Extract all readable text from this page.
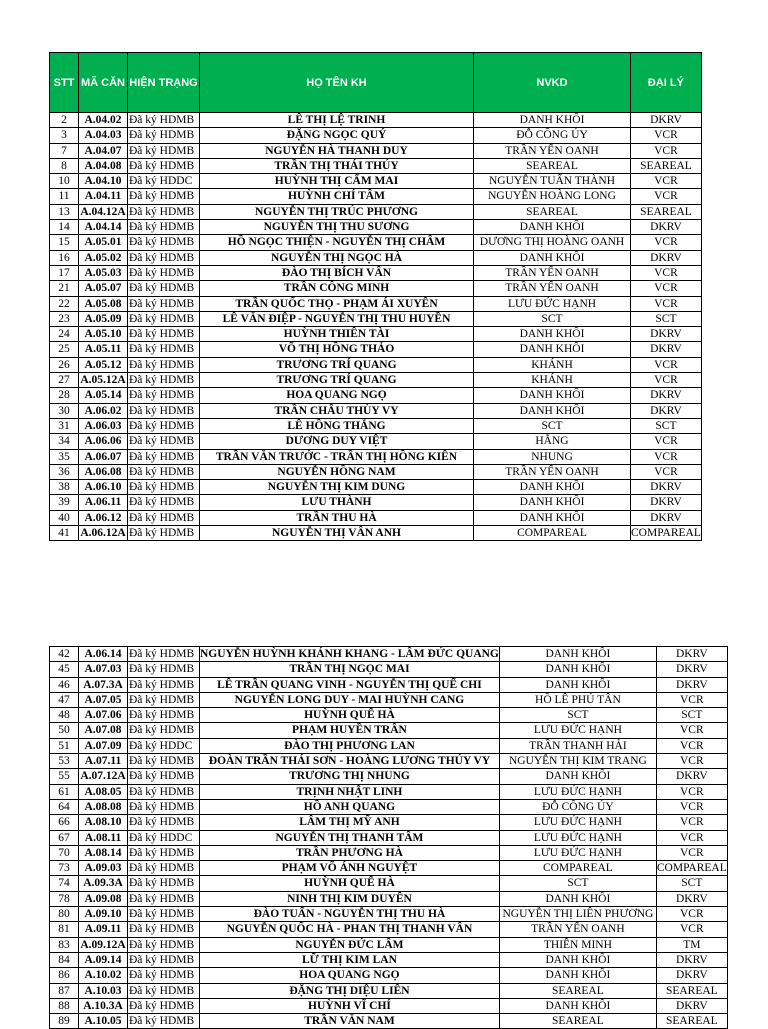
STT	MÃ CĂN	HIỆN TRẠNG	HỌ TÊN KH	NVKD	ĐẠI LÝ
2	A.04.02	Đã ký HDMB	LÊ THỊ LỆ TRINH	DANH KHÔI	DKRV
3	A.04.03	Đã ký HDMB	ĐẶNG NGỌC QUÝ	ĐỖ CÔNG ÚY	VCR
7	A.04.07	Đã ký HDMB	NGUYỄN HÀ THANH DUY	TRẦN YẾN OANH	VCR
8	A.04.08	Đã ký HDMB	TRẦN THỊ THÁI THÚY	SEAREAL	SEAREAL
10	A.04.10	Đã ký HDDC	HUỲNH THỊ CẨM MAI	NGUYỄN TUẤN THÀNH	VCR
11	A.04.11	Đã ký HDMB	HUỲNH CHÍ TÂM	NGUYỄN HOÀNG LONG	VCR
13	A.04.12A	Đã ký HDMB	NGUYỄN THỊ TRÚC PHƯƠNG	SEAREAL	SEAREAL
14	A.04.14	Đã ký HDMB	NGUYỄN THỊ THU SƯƠNG	DANH KHÔI	DKRV
15	A.05.01	Đã ký HDMB	HỒ NGỌC THIỆN - NGUYỄN THỊ CHÂM	DƯƠNG THỊ HOÀNG OANH	VCR
16	A.05.02	Đã ký HDMB	NGUYỄN THỊ NGỌC HÀ	DANH KHÔI	DKRV
17	A.05.03	Đã ký HDMB	ĐÀO THỊ BÍCH VÂN	TRẦN YẾN OANH	VCR
21	A.05.07	Đã ký HDMB	TRẦN CÔNG MINH	TRẦN YẾN OANH	VCR
22	A.05.08	Đã ký HDMB	TRẦN QUỐC THỌ - PHẠM ÁI XUYÊN	LƯU ĐỨC HẠNH	VCR
23	A.05.09	Đã ký HDMB	LÊ VĂN ĐIỆP - NGUYỄN THỊ THU HUYỀN	SCT	SCT
24	A.05.10	Đã ký HDMB	HUỲNH THIÊN TÀI	DANH KHÔI	DKRV
25	A.05.11	Đã ký HDMB	VÕ THỊ HỒNG THẢO	DANH KHÔI	DKRV
26	A.05.12	Đã ký HDMB	TRƯƠNG TRÍ QUANG	KHÁNH	VCR
27	A.05.12A	Đã ký HDMB	TRƯƠNG TRÍ QUANG	KHÁNH	VCR
28	A.05.14	Đã ký HDMB	HOA QUANG NGỌ	DANH KHÔI	DKRV
30	A.06.02	Đã ký HDMB	TRẦN CHÂU THÙY VY	DANH KHÔI	DKRV
31	A.06.03	Đã ký HDMB	LÊ HỒNG THẮNG	SCT	SCT
34	A.06.06	Đã ký HDMB	DƯƠNG DUY VIỆT	HẰNG	VCR
35	A.06.07	Đã ký HDMB	TRẦN VĂN TRƯỚC - TRẦN THỊ HỒNG KIÊN	NHUNG	VCR
36	A.06.08	Đã ký HDMB	NGUYỄN HỒNG NAM	TRẦN YẾN OANH	VCR
38	A.06.10	Đã ký HDMB	NGUYỄN THỊ KIM DUNG	DANH KHÔI	DKRV
39	A.06.11	Đã ký HDMB	LƯU THÀNH	DANH KHÔI	DKRV
40	A.06.12	Đã ký HDMB	TRẦN THU HÀ	DANH KHÔI	DKRV
41	A.06.12A	Đã ký HDMB	NGUYỄN THỊ VÂN ANH	COMPAREAL	COMPAREAL
42	A.06.14	Đã ký HDMB	NGUYỄN HUỲNH KHÁNH KHANG - LÂM ĐỨC QUANG	DANH KHÔI	DKRV
45	A.07.03	Đã ký HDMB	TRẦN THỊ NGỌC MAI	DANH KHÔI	DKRV
46	A.07.3A	Đã ký HDMB	LÊ TRẦN QUANG VINH - NGUYỄN THỊ QUẾ CHI	DANH KHÔI	DKRV
47	A.07.05	Đã ký HDMB	NGUYỄN LONG DUY - MAI HUỲNH CANG	HỒ LÊ PHÚ TÂN	VCR
48	A.07.06	Đã ký HDMB	HUỲNH QUẾ HÀ	SCT	SCT
50	A.07.08	Đã ký HDMB	PHẠM HUYỀN TRÂN	LƯU ĐỨC HẠNH	VCR
51	A.07.09	Đã ký HDDC	ĐÀO THỊ PHƯƠNG LAN	TRẦN THANH HẢI	VCR
53	A.07.11	Đã ký HDMB	ĐOÀN TRẦN THÁI SƠN - HOÀNG LƯƠNG THÚY VY	NGUYỄN THỊ KIM TRANG	VCR
55	A.07.12A	Đã ký HDMB	TRƯƠNG THỊ NHUNG	DANH KHÔI	DKRV
61	A.08.05	Đã ký HDMB	TRỊNH NHẬT LINH	LƯU ĐỨC HẠNH	VCR
64	A.08.08	Đã ký HDMB	HỒ ANH QUANG	ĐỖ CÔNG ÚY	VCR
66	A.08.10	Đã ký HDMB	LÂM THỊ MỸ ANH	LƯU ĐỨC HẠNH	VCR
67	A.08.11	Đã ký HDDC	NGUYỄN THỊ THANH TÂM	LƯU ĐỨC HẠNH	VCR
70	A.08.14	Đã ký HDMB	TRẦN PHƯƠNG HÀ	LƯU ĐỨC HẠNH	VCR
73	A.09.03	Đã ký HDMB	PHẠM VÕ ÁNH NGUYỆT	COMPAREAL	COMPAREAL
74	A.09.3A	Đã ký HDMB	HUỲNH QUẾ HÀ	SCT	SCT
78	A.09.08	Đã ký HDMB	NINH THỊ KIM DUYÊN	DANH KHÔI	DKRV
80	A.09.10	Đã ký HDMB	ĐÀO TUẤN - NGUYỄN THỊ THU HÀ	NGUYỄN THỊ LIÊN PHƯƠNG	VCR
81	A.09.11	Đã ký HDMB	NGUYỄN QUỐC HÀ - PHAN THỊ THANH VÂN	TRẦN YẾN OANH	VCR
83	A.09.12A	Đã ký HDMB	NGUYỄN ĐỨC LÂM	THIÊN MINH	TM
84	A.09.14	Đã ký HDMB	LỮ THỊ KIM LAN	DANH KHÔI	DKRV
86	A.10.02	Đã ký HDMB	HOA QUANG NGỌ	DANH KHÔI	DKRV
87	A.10.03	Đã ký HDMB	ĐẶNG THỊ DIỆU LIÊN	SEAREAL	SEAREAL
88	A.10.3A	Đã ký HDMB	HUỲNH VĨ CHÍ	DANH KHÔI	DKRV
89	A.10.05	Đã ký HDMB	TRẦN VĂN NAM	SEAREAL	SEAREAL
